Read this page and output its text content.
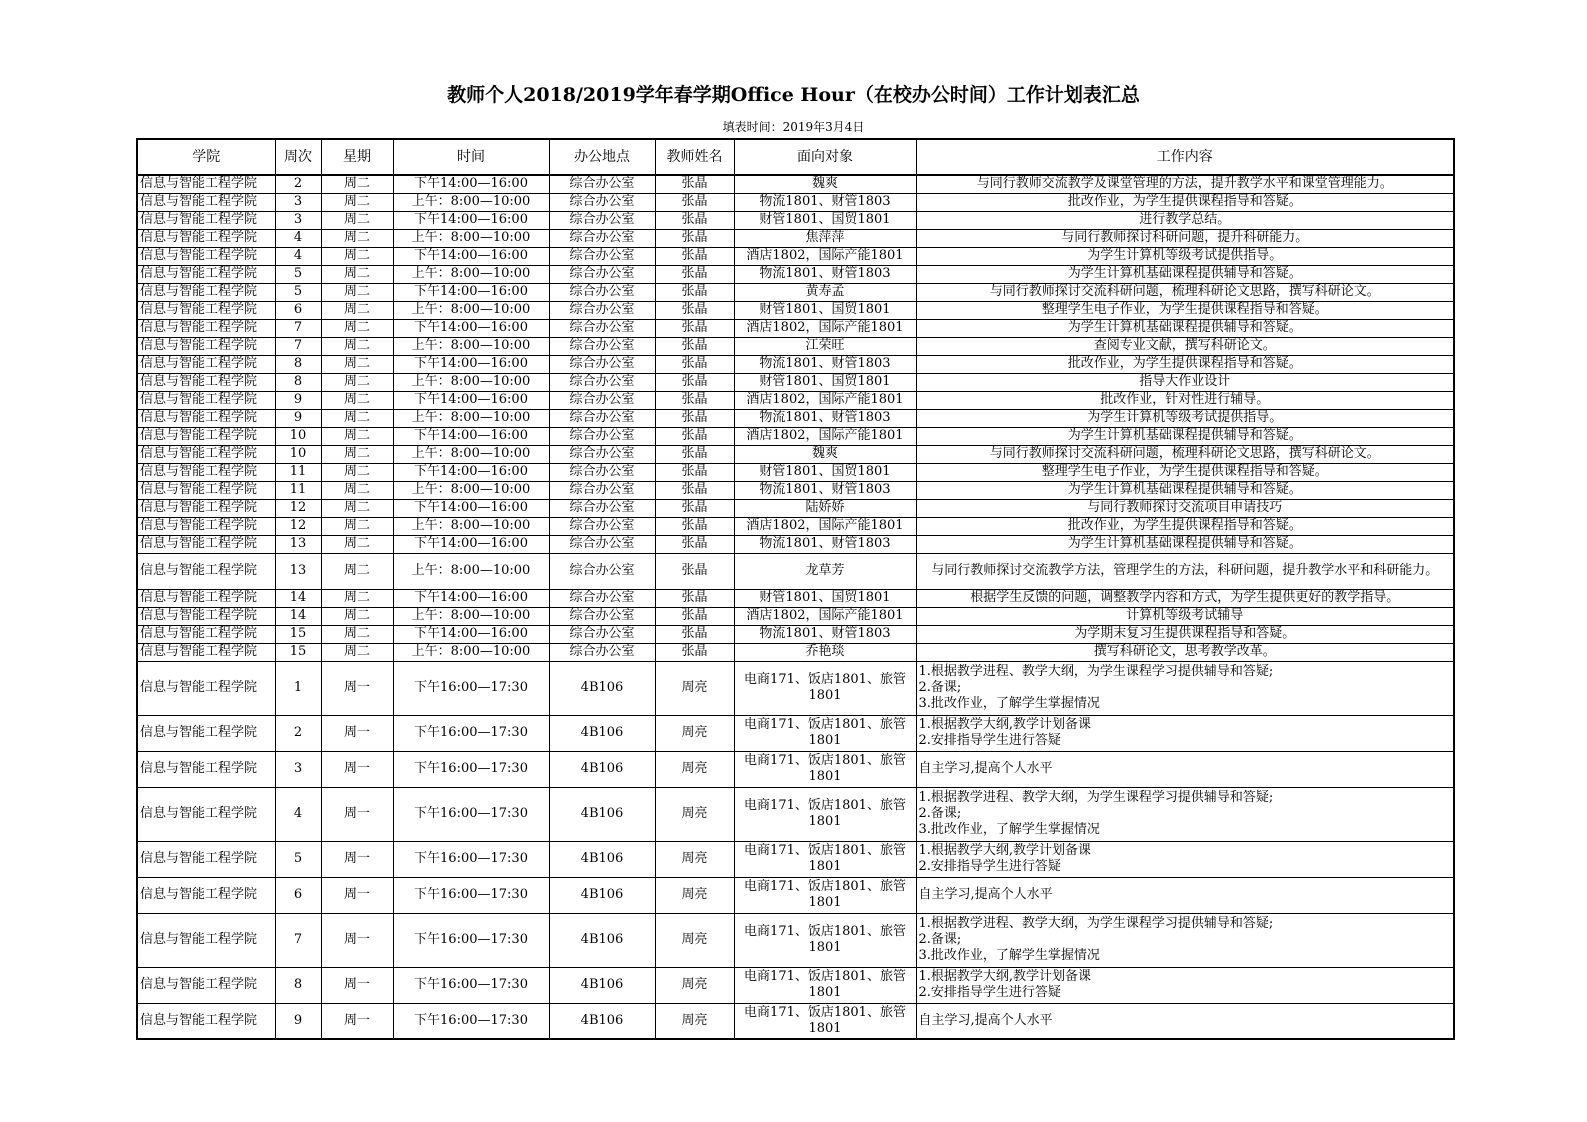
教师个人2018/2019学年春学期Office Hour（在校办公时间）工作计划表汇总
填表时间：2019年3月4日
学院	周次	星期	时间	办公地点	教师姓名	面向对象	工作内容
信息与智能工程学院	2	周二	下午14:00—16:00	综合办公室	张晶	魏爽	与同行教师交流教学及课堂管理的方法，提升教学水平和课堂管理能力。
信息与智能工程学院	3	周二	上午：8:00—10:00	综合办公室	张晶	物流1801、财管1803	批改作业，为学生提供课程指导和答疑。
信息与智能工程学院	3	周二	下午14:00—16:00	综合办公室	张晶	财管1801、国贸1801	进行教学总结。
信息与智能工程学院	4	周二	上午：8:00—10:00	综合办公室	张晶	焦萍萍	与同行教师探讨科研问题，提升科研能力。
信息与智能工程学院	4	周二	下午14:00—16:00	综合办公室	张晶	酒店1802，国际产能1801	为学生计算机等级考试提供指导。
信息与智能工程学院	5	周二	上午：8:00—10:00	综合办公室	张晶	物流1801、财管1803	为学生计算机基础课程提供辅导和答疑。
信息与智能工程学院	5	周二	下午14:00—16:00	综合办公室	张晶	黄寿孟	与同行教师探讨交流科研问题，梳理科研论文思路，撰写科研论文。
信息与智能工程学院	6	周二	上午：8:00—10:00	综合办公室	张晶	财管1801、国贸1801	整理学生电子作业，为学生提供课程指导和答疑。
信息与智能工程学院	7	周二	下午14:00—16:00	综合办公室	张晶	酒店1802，国际产能1801	为学生计算机基础课程提供辅导和答疑。
信息与智能工程学院	7	周二	上午：8:00—10:00	综合办公室	张晶	江荣旺	查阅专业文献，撰写科研论文。
信息与智能工程学院	8	周二	下午14:00—16:00	综合办公室	张晶	物流1801、财管1803	批改作业，为学生提供课程指导和答疑。
信息与智能工程学院	8	周二	上午：8:00—10:00	综合办公室	张晶	财管1801、国贸1801	指导大作业设计
信息与智能工程学院	9	周二	下午14:00—16:00	综合办公室	张晶	酒店1802，国际产能1801	批改作业，针对性进行辅导。
信息与智能工程学院	9	周二	上午：8:00—10:00	综合办公室	张晶	物流1801、财管1803	为学生计算机等级考试提供指导。
信息与智能工程学院	10	周二	下午14:00—16:00	综合办公室	张晶	酒店1802，国际产能1801	为学生计算机基础课程提供辅导和答疑。
信息与智能工程学院	10	周二	上午：8:00—10:00	综合办公室	张晶	魏爽	与同行教师探讨交流科研问题，梳理科研论文思路，撰写科研论文。
信息与智能工程学院	11	周二	下午14:00—16:00	综合办公室	张晶	财管1801、国贸1801	整理学生电子作业，为学生提供课程指导和答疑。
信息与智能工程学院	11	周二	上午：8:00—10:00	综合办公室	张晶	物流1801、财管1803	为学生计算机基础课程提供辅导和答疑。
信息与智能工程学院	12	周二	下午14:00—16:00	综合办公室	张晶	陆娇娇	与同行教师探讨交流项目申请技巧
信息与智能工程学院	12	周二	上午：8:00—10:00	综合办公室	张晶	酒店1802，国际产能1801	批改作业，为学生提供课程指导和答疑。
信息与智能工程学院	13	周二	下午14:00—16:00	综合办公室	张晶	物流1801、财管1803	为学生计算机基础课程提供辅导和答疑。
信息与智能工程学院	13	周二	上午：8:00—10:00	综合办公室	张晶	龙草芳	与同行教师探讨交流教学方法，管理学生的方法，科研问题，提升教学水平和科研能力。
信息与智能工程学院	14	周二	下午14:00—16:00	综合办公室	张晶	财管1801、国贸1801	根据学生反馈的问题，调整教学内容和方式，为学生提供更好的教学指导。
信息与智能工程学院	14	周二	上午：8:00—10:00	综合办公室	张晶	酒店1802，国际产能1801	计算机等级考试辅导
信息与智能工程学院	15	周二	下午14:00—16:00	综合办公室	张晶	物流1801、财管1803	为学期末复习生提供课程指导和答疑。
信息与智能工程学院	15	周二	上午：8:00—10:00	综合办公室	张晶	乔艳琰	撰写科研论文，思考教学改革。
信息与智能工程学院	1	周一	下午16:00—17:30	4B106	周亮	电商171、饭店1801、旅管1801	1.根据教学进程、教学大纲，为学生课程学习提供辅导和答疑;
2.备课;
3.批改作业，了解学生掌握情况

信息与智能工程学院	2	周一	下午16:00—17:30	4B106	周亮	电商171、饭店1801、旅管1801	1.根据教学大纲,教学计划备课
2.安排指导学生进行答疑

信息与智能工程学院	3	周一	下午16:00—17:30	4B106	周亮	电商171、饭店1801、旅管1801	自主学习,提高个人水平

信息与智能工程学院	4	周一	下午16:00—17:30	4B106	周亮	电商171、饭店1801、旅管1801	1.根据教学进程、教学大纲，为学生课程学习提供辅导和答疑;
2.备课;
3.批改作业，了解学生掌握情况

信息与智能工程学院	5	周一	下午16:00—17:30	4B106	周亮	电商171、饭店1801、旅管1801	1.根据教学大纲,教学计划备课
2.安排指导学生进行答疑

信息与智能工程学院	6	周一	下午16:00—17:30	4B106	周亮	电商171、饭店1801、旅管1801	自主学习,提高个人水平

信息与智能工程学院	7	周一	下午16:00—17:30	4B106	周亮	电商171、饭店1801、旅管1801	1.根据教学进程、教学大纲，为学生课程学习提供辅导和答疑;
2.备课;
3.批改作业，了解学生掌握情况

信息与智能工程学院	8	周一	下午16:00—17:30	4B106	周亮	电商171、饭店1801、旅管1801	1.根据教学大纲,教学计划备课
2.安排指导学生进行答疑

信息与智能工程学院	9	周一	下午16:00—17:30	4B106	周亮	电商171、饭店1801、旅管1801	自主学习,提高个人水平
